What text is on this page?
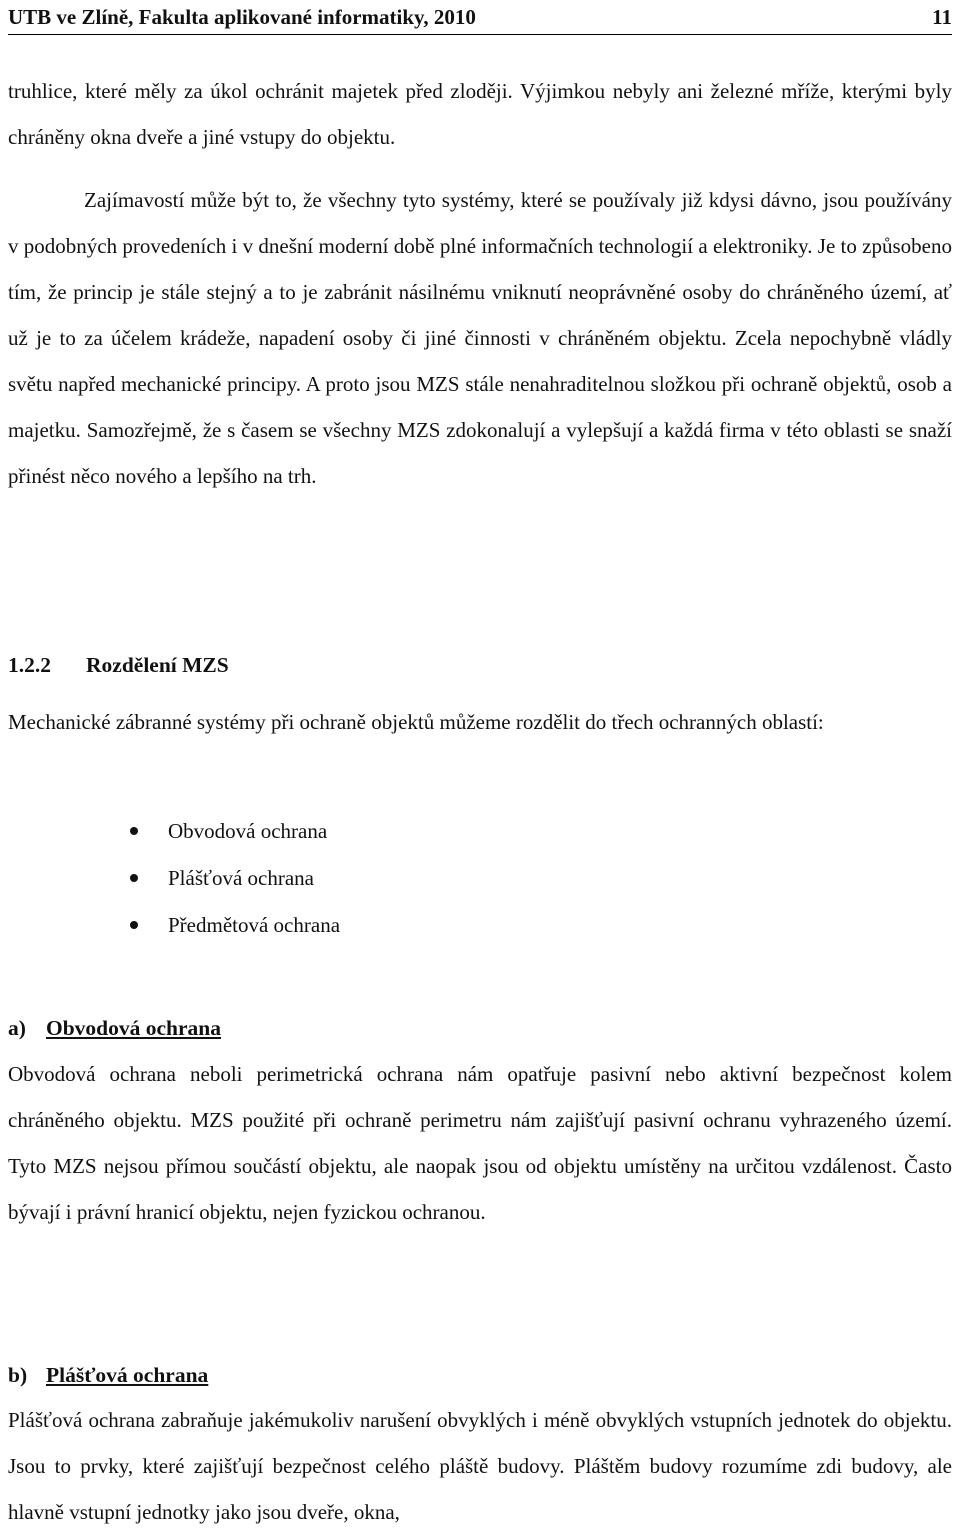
UTB ve Zlíně, Fakulta aplikované informatiky, 2010	11

truhlice, které měly za úkol ochránit majetek před zloději. Výjimkou nebyly ani železné mříže, kterými byly chráněny okna dveře a jiné vstupy do objektu.

Zajímavostí může být to, že všechny tyto systémy, které se používaly již kdysi dávno, jsou používány v podobných provedeních i v dnešní moderní době plné informačních technologií a elektroniky. Je to způsobeno tím, že princip je stále stejný a to je zabránit násilnému vniknutí neoprávněné osoby do chráněného území, ať už je to za účelem krádeže, napadení osoby či jiné činnosti v chráněném objektu. Zcela nepochybně vládly světu napřed mechanické principy. A proto jsou MZS stále nenahraditelnou složkou při ochraně objektů, osob a majetku. Samozřejmě, že s časem se všechny MZS zdokonalují a vylepšují a každá firma v této oblasti se snaží přinést něco nového a lepšího na trh.

1.2.2 Rozdělení MZS

Mechanické zábranné systémy při ochraně objektů můžeme rozdělit do třech ochranných oblastí:

Obvodová ochrana
Plášťová ochrana
Předmětová ochrana
a) Obvodová ochrana

Obvodová ochrana neboli perimetrická ochrana nám opatřuje pasivní nebo aktivní bezpečnost kolem chráněného objektu. MZS použité při ochraně perimetru nám zajišťují pasivní ochranu vyhrazeného území. Tyto MZS nejsou přímou součástí objektu, ale naopak jsou od objektu umístěny na určitou vzdálenost. Často bývají i právní hranicí objektu, nejen fyzickou ochranou.

b) Plášťová ochrana

Plášťová ochrana zabraňuje jakémukoliv narušení obvyklých i méně obvyklých vstupních jednotek do objektu. Jsou to prvky, které zajišťují bezpečnost celého pláště budovy. Pláštěm budovy rozumíme zdi budovy, ale hlavně vstupní jednotky jako jsou dveře, okna,
